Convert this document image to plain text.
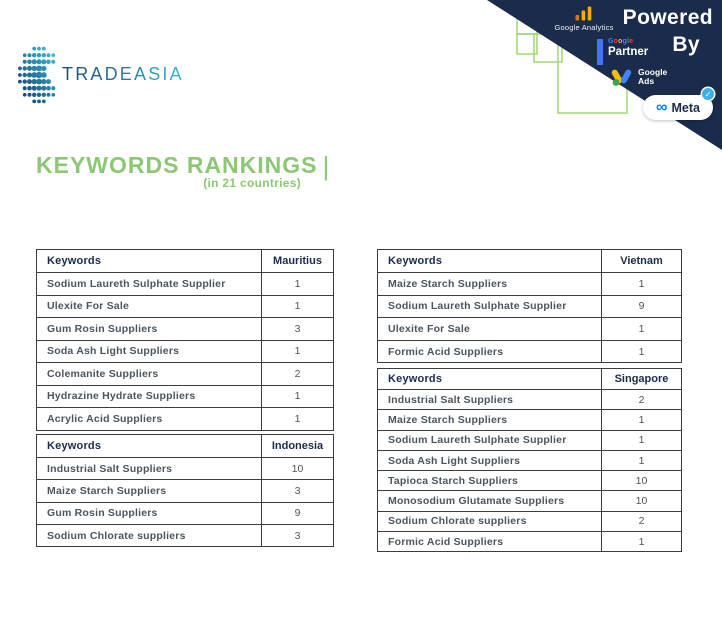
Powered
By
Google Analytics
Google
Partner
Google
Ads
∞ Meta
✓
TRADEASIA
KEYWORDS RANKINGS |
(in 21 countries)
Keywords	Mauritius
Sodium Laureth Sulphate Supplier	1
Ulexite For Sale	1
Gum Rosin Suppliers	3
Soda Ash Light Suppliers	1
Colemanite Suppliers	2
Hydrazine Hydrate Suppliers	1
Acrylic Acid Suppliers	1
Keywords	Indonesia
Industrial Salt Suppliers	10
Maize Starch Suppliers	3
Gum Rosin Suppliers	9
Sodium Chlorate suppliers	3
Keywords	Vietnam
Maize Starch Suppliers	1
Sodium Laureth Sulphate Supplier	9
Ulexite For Sale	1
Formic Acid Suppliers	1
Keywords	Singapore
Industrial Salt Suppliers	2
Maize Starch Suppliers	1
Sodium Laureth Sulphate Supplier	1
Soda Ash Light Suppliers	1
Tapioca Starch Suppliers	10
Monosodium Glutamate Suppliers	10
Sodium Chlorate suppliers	2
Formic Acid Suppliers	1
